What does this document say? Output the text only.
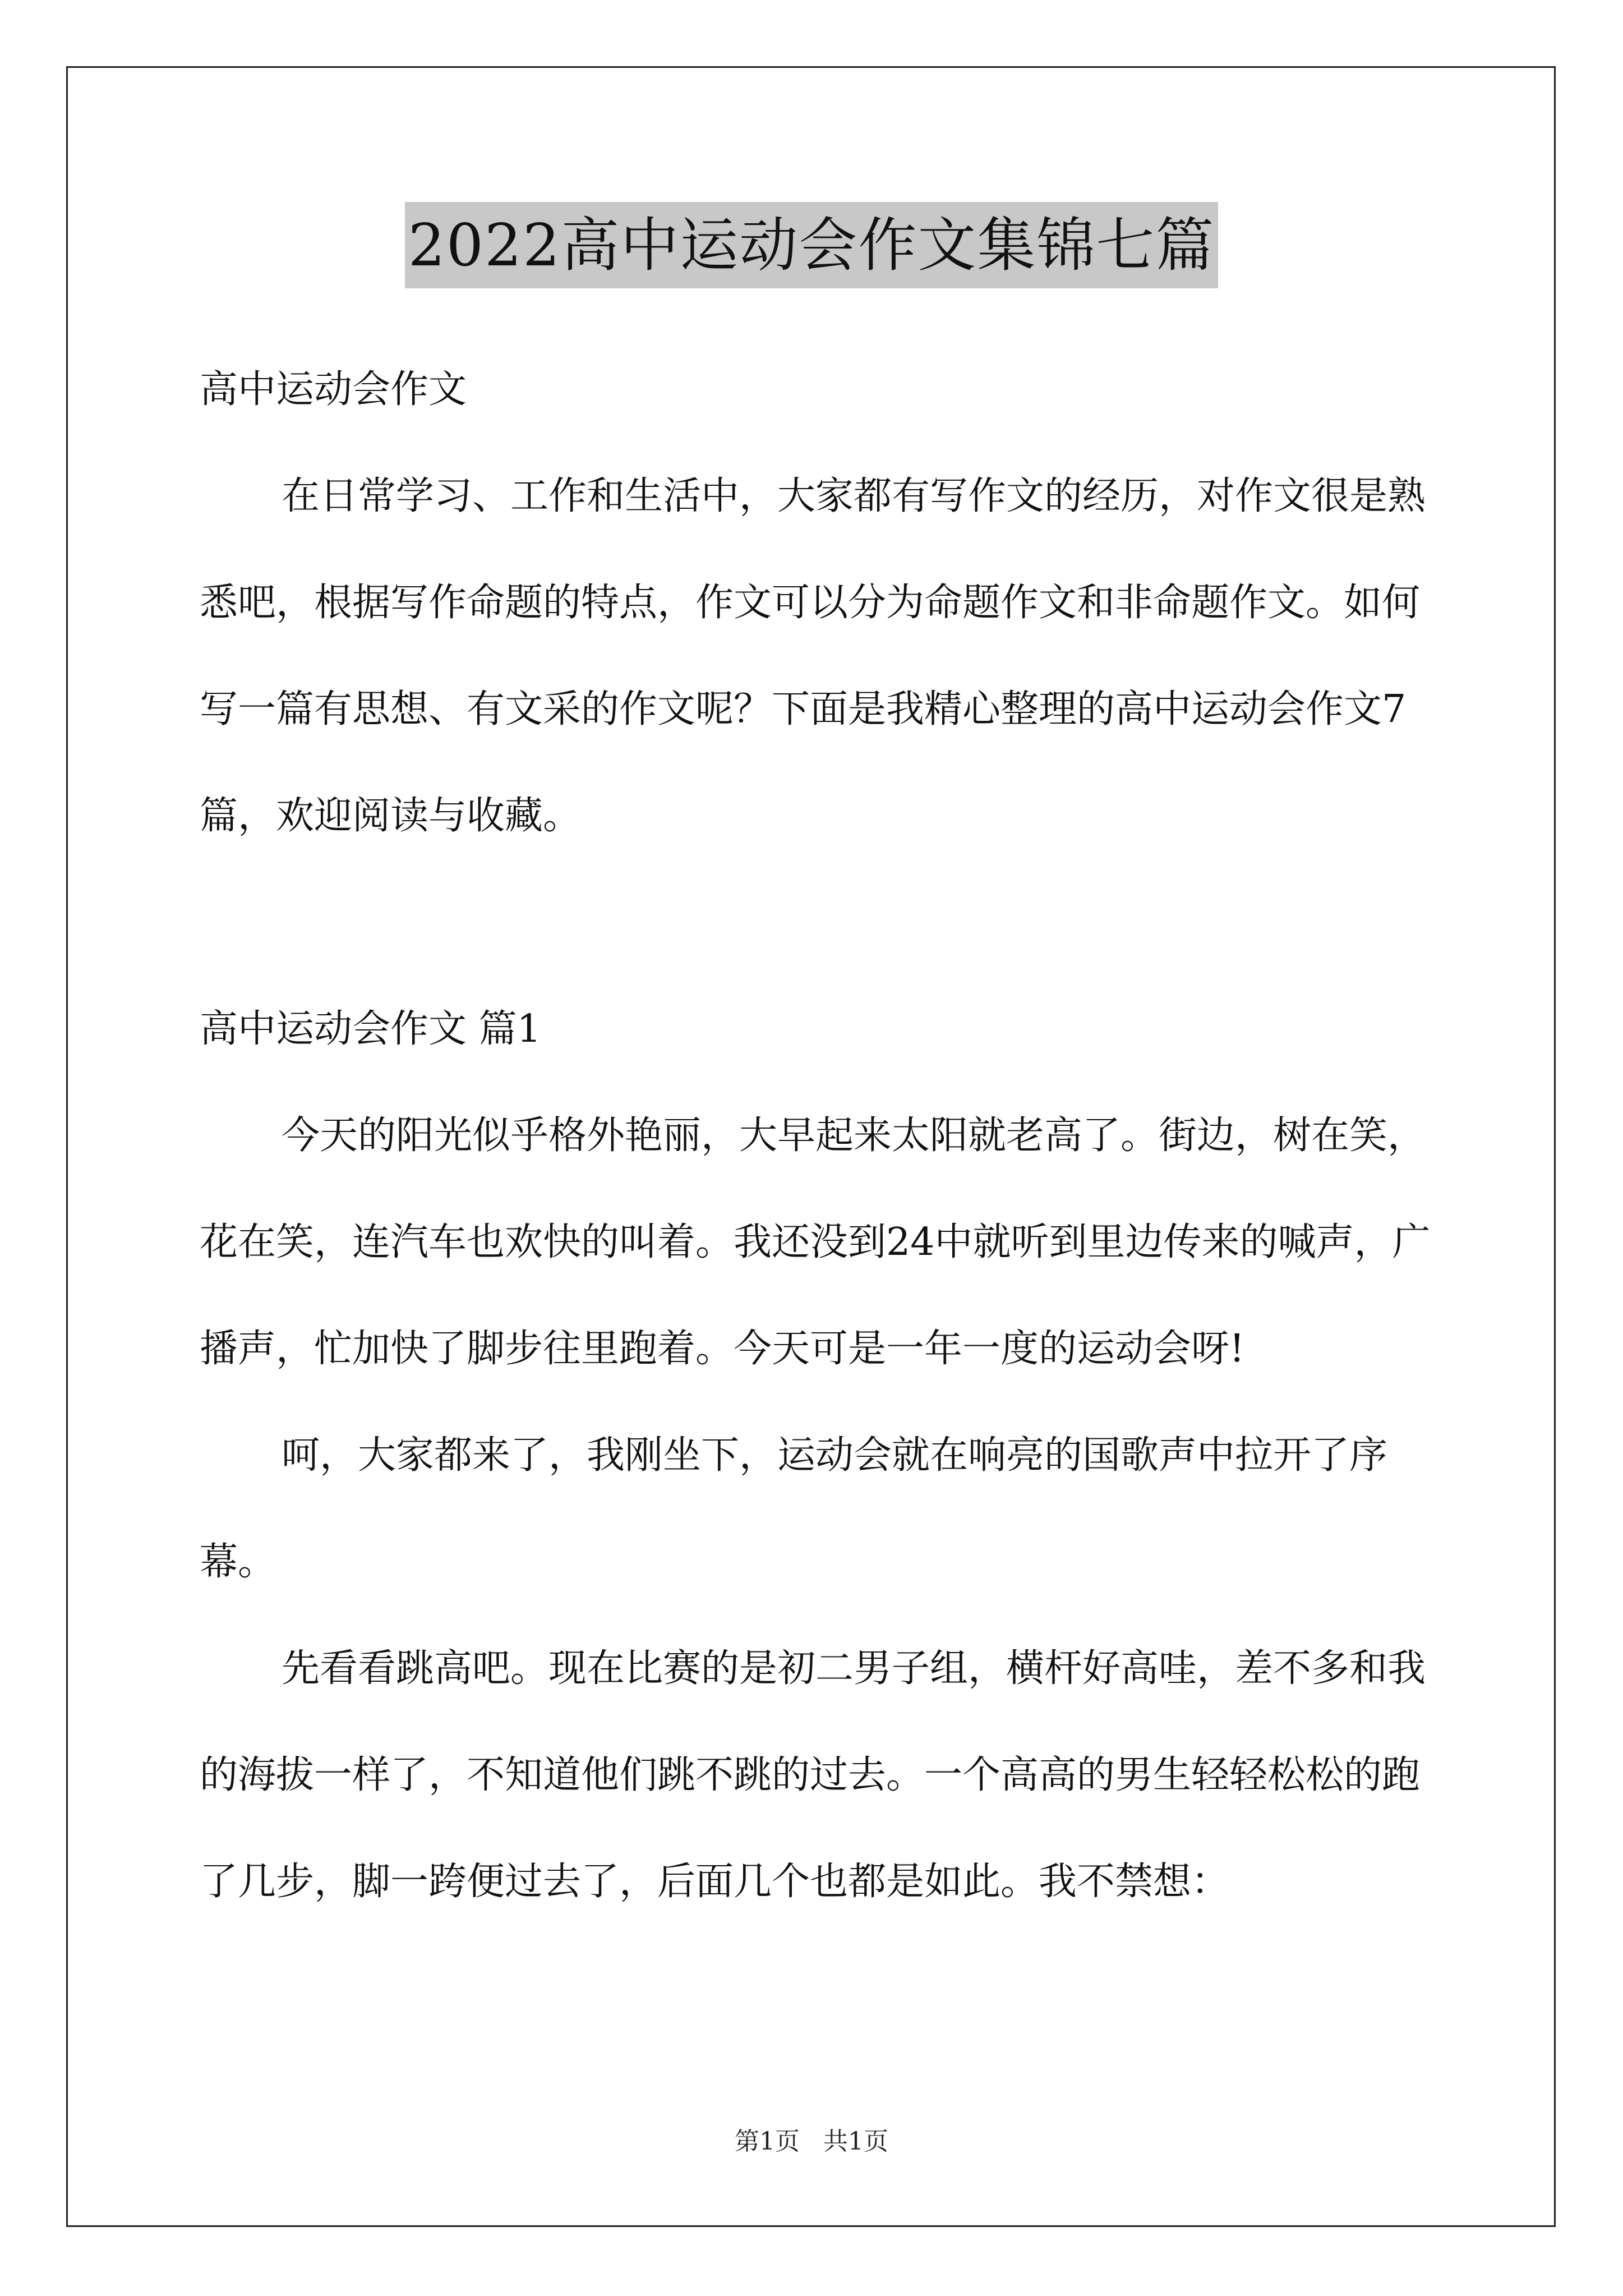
2022高中运动会作文集锦七篇

高中运动会作文

在日常学习、工作和生活中，大家都有写作文的经历，对作文很是熟悉吧，根据写作命题的特点，作文可以分为命题作文和非命题作文。如何写一篇有思想、有文采的作文呢？下面是我精心整理的高中运动会作文7篇，欢迎阅读与收藏。

高中运动会作文 篇1

今天的阳光似乎格外艳丽，大早起来太阳就老高了。街边，树在笑，花在笑，连汽车也欢快的叫着。我还没到24中就听到里边传来的喊声，广播声，忙加快了脚步往里跑着。今天可是一年一度的运动会呀!

呵，大家都来了，我刚坐下，运动会就在响亮的国歌声中拉开了序幕。

先看看跳高吧。现在比赛的是初二男子组，横杆好高哇，差不多和我的海拔一样了，不知道他们跳不跳的过去。一个高高的男生轻轻松松的跑了几步，脚一跨便过去了，后面几个也都是如此。我不禁想：

第1页 共1页
